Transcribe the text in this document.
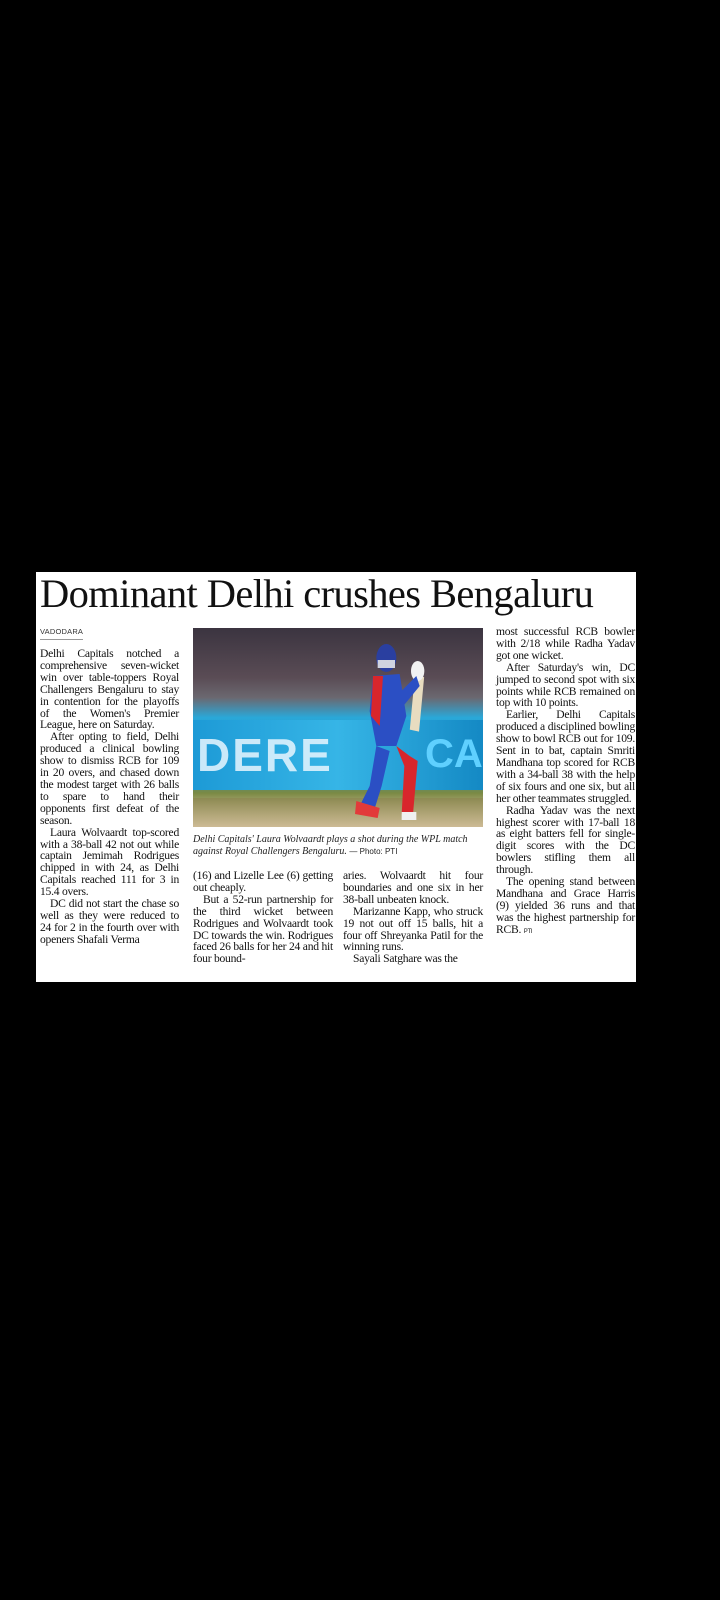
Dominant Delhi crushes Bengaluru
VADODARA

Delhi Capitals notched a comprehensive seven-wicket win over table-toppers Royal Challengers Bengaluru to stay in contention for the playoffs of the Women's Premier League, here on Saturday.

After opting to field, Delhi produced a clinical bowling show to dismiss RCB for 109 in 20 overs, and chased down the modest target with 26 balls to spare to hand their opponents first defeat of the season.

Laura Wolvaardt top-scored with a 38-ball 42 not out while captain Jemimah Rodrigues chipped in with 24, as Delhi Capitals reached 111 for 3 in 15.4 overs.

DC did not start the chase so well as they were reduced to 24 for 2 in the fourth over with openers Shafali Verma

DERE CA
Delhi Capitals' Laura Wolvaardt plays a shot during the WPL match against Royal Challengers Bengaluru. — Photo: PTI

(16) and Lizelle Lee (6) getting out cheaply.

But a 52-run partnership for the third wicket between Rodrigues and Wolvaardt took DC towards the win. Rodrigues faced 26 balls for her 24 and hit four bound-

aries. Wolvaardt hit four boundaries and one six in her 38-ball unbeaten knock.

Marizanne Kapp, who struck 19 not out off 15 balls, hit a four off Shreyanka Patil for the winning runs.

Sayali Satghare was the

most successful RCB bowler with 2/18 while Radha Yadav got one wicket.

After Saturday's win, DC jumped to second spot with six points while RCB remained on top with 10 points.

Earlier, Delhi Capitals produced a disciplined bowling show to bowl RCB out for 109. Sent in to bat, captain Smriti Mandhana top scored for RCB with a 34-ball 38 with the help of six fours and one six, but all her other teammates struggled.

Radha Yadav was the next highest scorer with 17-ball 18 as eight batters fell for single-digit scores with the DC bowlers stifling them all through.

The opening stand between Mandhana and Grace Harris (9) yielded 36 runs and that was the highest partnership for RCB. PTI
